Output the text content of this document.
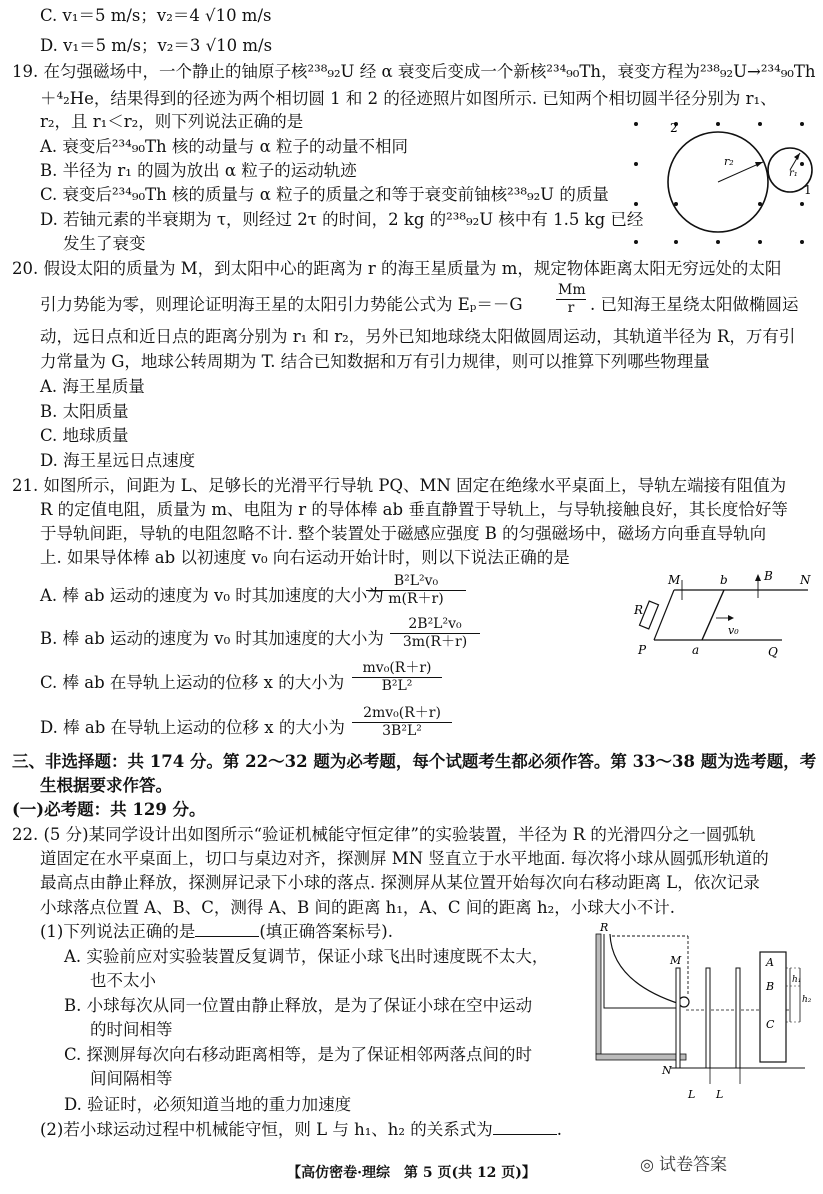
C. v₁＝5 m/s；v₂＝4 √10 m/s
D. v₁＝5 m/s；v₂＝3 √10 m/s
19. 在匀强磁场中，一个静止的铀原子核²³⁸₉₂U 经 α 衰变后变成一个新核²³⁴₉₀Th，衰变方程为²³⁸₉₂U→²³⁴₉₀Th
＋⁴₂He，结果得到的径迹为两个相切圆 1 和 2 的径迹照片如图所示. 已知两个相切圆半径分别为 r₁、
r₂，且 r₁＜r₂，则下列说法正确的是
A. 衰变后²³⁴₉₀Th 核的动量与 α 粒子的动量不相同
B. 半径为 r₁ 的圆为放出 α 粒子的运动轨迹
C. 衰变后²³⁴₉₀Th 核的质量与 α 粒子的质量之和等于衰变前铀核²³⁸₉₂U 的质量
D. 若铀元素的半衰期为 τ，则经过 2τ 的时间，2 kg 的²³⁸₉₂U 核中有 1.5 kg 已经
发生了衰变
2
1
r₂
r₁
20. 假设太阳的质量为 M，到太阳中心的距离为 r 的海王星质量为 m，规定物体距离太阳无穷远处的太阳
引力势能为零，则理论证明海王星的太阳引力势能公式为 $E_p=-G \frac{Mm}{r}$ . 已知海王星绕太阳做椭圆运
动，远日点和近日点的距离分别为 r₁ 和 r₂，另外已知地球绕太阳做圆周运动，其轨道半径为 R，万有引
力常量为 G，地球公转周期为 T. 结合已知数据和万有引力规律，则可以推算下列哪些物理量
A. 海王星质量
B. 太阳质量
C. 地球质量
D. 海王星远日点速度
21. 如图所示，间距为 L、足够长的光滑平行导轨 PQ、MN 固定在绝缘水平桌面上，导轨左端接有阻值为
R 的定值电阻，质量为 m、电阻为 r 的导体棒 ab 垂直静置于导轨上，与导轨接触良好，其长度恰好等
于导轨间距，导轨的电阻忽略不计. 整个装置处于磁感应强度 B 的匀强磁场中，磁场方向垂直导轨向
上. 如果导体棒 ab 以初速度 v₀ 向右运动开始计时，则以下说法正确的是
A. 棒 ab 运动的速度为 v₀ 时其加速度的大小为
$\frac{\text{B²L²v₀}}{m(R+r)}$
B. 棒 ab 运动的速度为 v₀ 时其加速度的大小为 $\frac{\text{2B²L²v₀}}{3m(R+r)}$
C. 棒 ab 在导轨上运动的位移 x 的大小为 $\frac{\text{mv₀(R＋r)}}{\text{B²L²}}$
D. 棒 ab 在导轨上运动的位移 x 的大小为 $\frac{\text{2mv₀(R＋r)}}{\text{3B²L²}}$
M	N
P	Q
a
b	B
R
v₀
三、非选择题：共 174 分。第 22～32 题为必考题，每个试题考生都必须作答。第 33～38 题为选考题，考
生根据要求作答。
(一)必考题：共 129 分。
22. (5 分)某同学设计出如图所示“验证机械能守恒定律”的实验装置，半径为 R 的光滑四分之一圆弧轨
道固定在水平桌面上，切口与桌边对齐，探测屏 MN 竖直立于水平地面. 每次将小球从圆弧形轨道的
最高点由静止释放，探测屏记录下小球的落点. 探测屏从某位置开始每次向右移动距离 L，依次记录
小球落点位置 A、B、C，测得 A、B 间的距离 h₁，A、C 间的距离 h₂，小球大小不计.
(1)下列说法正确的是	(填正确答案标号).
A. 实验前应对实验装置反复调节，保证小球飞出时速度既不太大，
也不太小
B. 小球每次从同一位置由静止释放，是为了保证小球在空中运动
的时间相等
C. 探测屏每次向右移动距离相等，是为了保证相邻两落点间的时
间间隔相等
D. 验证时，必须知道当地的重力加速度
(2)若小球运动过程中机械能守恒，则 L 与 h₁、h₂ 的关系式为	.
R
M
N
A
B
C
h₁
h₂
L L
【高仿密卷·理综　第 5 页(共 12 页)】	◎ 试卷答案
